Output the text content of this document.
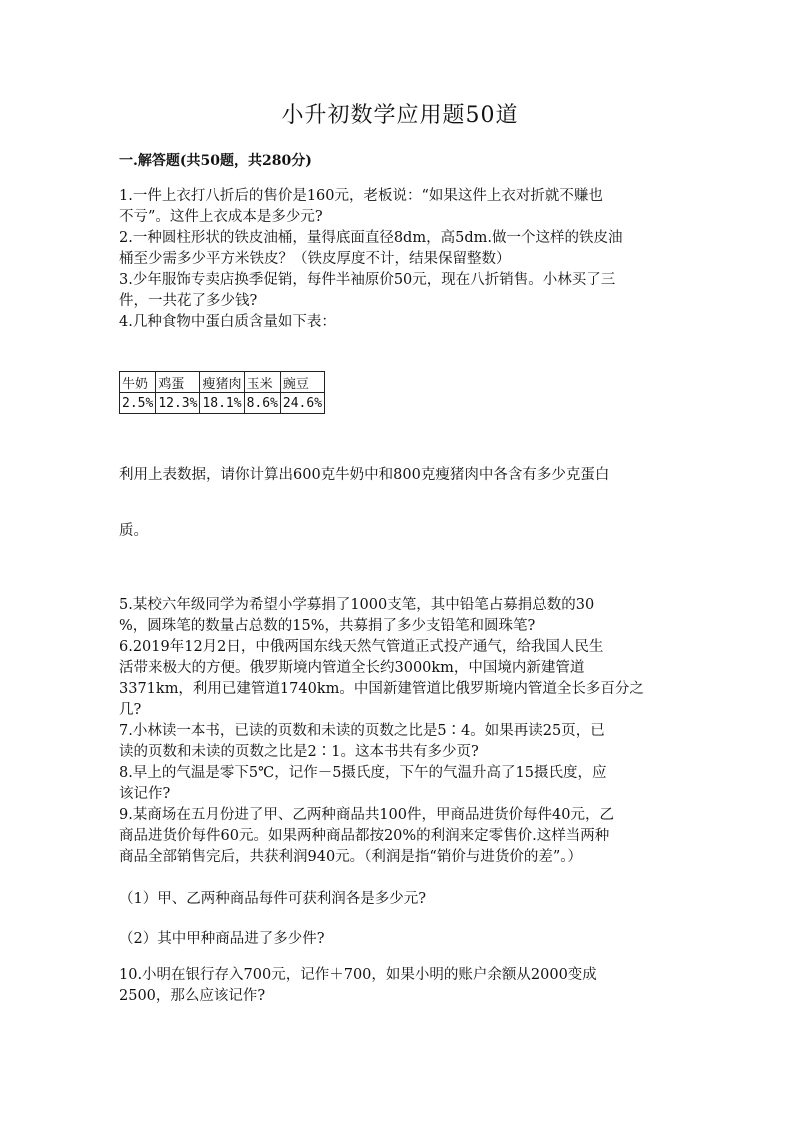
小升初数学应用题50道
一.解答题(共50题，共280分)
1.一件上衣打八折后的售价是160元，老板说：“如果这件上衣对折就不赚也
不亏”。这件上衣成本是多少元?
2.一种圆柱形状的铁皮油桶，量得底面直径8dm，高5dm.做一个这样的铁皮油
桶至少需多少平方米铁皮？（铁皮厚度不计，结果保留整数）
3.少年服饰专卖店换季促销，每件半袖原价50元，现在八折销售。小林买了三
件，一共花了多少钱?
4.几种食物中蛋白质含量如下表：
牛奶	鸡蛋	瘦猪肉	玉米	豌豆
2.5%	12.3%	18.1%	8.6%	24.6%
利用上表数据，请你计算出600克牛奶中和800克瘦猪肉中各含有多少克蛋白
质。
5.某校六年级同学为希望小学募捐了1000支笔，其中铅笔占募捐总数的30
%，圆珠笔的数量占总数的15%，共募捐了多少支铅笔和圆珠笔?
6.2019年12月2日，中俄两国东线天然气管道正式投产通气，给我国人民生
活带来极大的方便。俄罗斯境内管道全长约3000km，中国境内新建管道
3371km，利用已建管道1740km。中国新建管道比俄罗斯境内管道全长多百分之
几?
7.小林读一本书，已读的页数和未读的页数之比是5∶4。如果再读25页，已
读的页数和未读的页数之比是2∶1。这本书共有多少页?
8.早上的气温是零下5℃，记作－5摄氏度，下午的气温升高了15摄氏度，应
该记作?
9.某商场在五月份进了甲、乙两种商品共100件，甲商品进货价每件40元，乙
商品进货价每件60元。如果两种商品都按20%的利润来定零售价.这样当两种
商品全部销售完后，共获利润940元。（利润是指“销价与进货价的差”。）
（1）甲、乙两种商品每件可获利润各是多少元?
（2）其中甲种商品进了多少件?
10.小明在银行存入700元，记作＋700，如果小明的账户余额从2000变成
2500，那么应该记作?
